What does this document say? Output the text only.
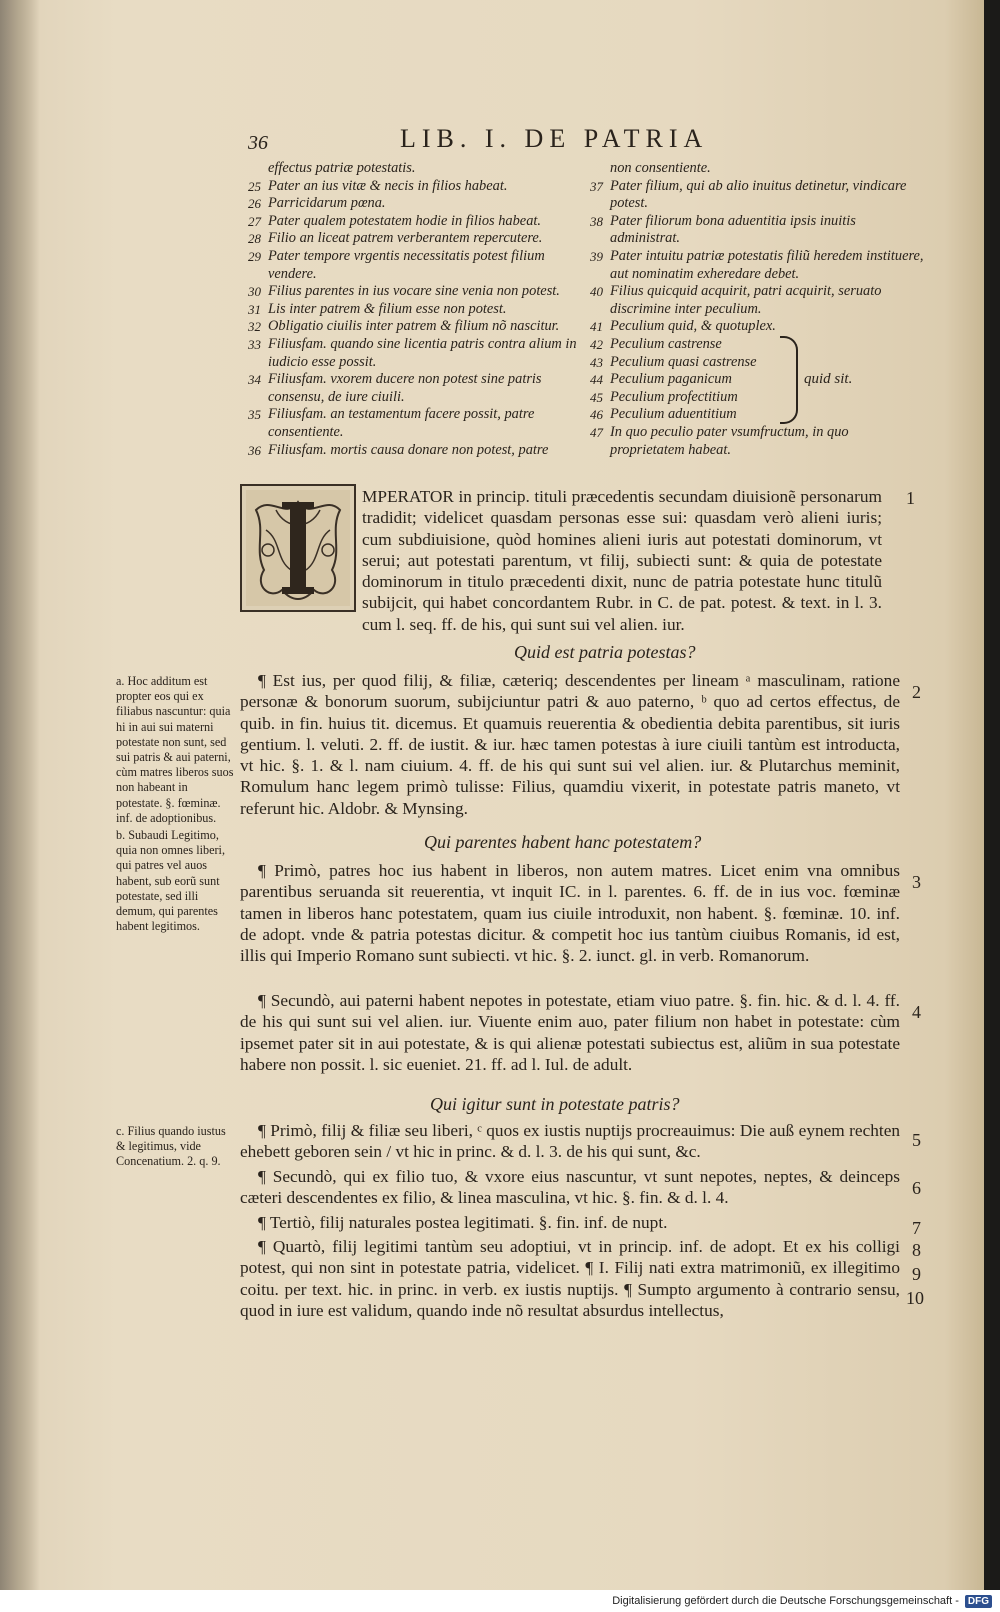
36	LIB. I. DE PATRIA
effectus patriæ potestatis.
25 Pater an ius vitæ & necis in filios habeat.
26 Parricidarum pœna.
27 Pater qualem potestatem hodie in filios habeat.
28 Filio an liceat patrem verberantem repercutere.
29 Pater tempore vrgentis necessitatis potest filium vendere.
30 Filius parentes in ius vocare sine venia non potest.
31 Lis inter patrem & filium esse non potest.
32 Obligatio ciuilis inter patrem & filium nõ nascitur.
33 Filiusfam. quando sine licentia patris contra alium in iudicio esse possit.
34 Filiusfam. vxorem ducere non potest sine patris consensu, de iure ciuili.
35 Filiusfam. an testamentum facere possit, patre consentiente.
36 Filiusfam. mortis causa donare non potest, patre
non consentiente.
37 Pater filium, qui ab alio inuitus detinetur, vindicare potest.
38 Pater filiorum bona aduentitia ipsis inuitis administrat.
39 Pater intuitu patriæ potestatis filiũ heredem instituere, aut nominatim exheredare debet.
40 Filius quicquid acquirit, patri acquirit, seruato discrimine inter peculium.
41 Peculium quid, & quotuplex.
42 Peculium castrense
43 Peculium quasi castrense
44 Peculium paganicum
45 Peculium profectitium
46 Peculium aduentitium
quid sit.
47 In quo peculio pater vsumfructum, in quo proprietatem habeat.
MPERATOR in princip. tituli præcedentis secundam diuisionẽ personarum tradidit; videlicet quasdam personas esse sui: quasdam verò alieni iuris; cum subdiuisione, quòd homines alieni iuris aut potestati dominorum, vt serui; aut potestati parentum, vt filij, subiecti sunt: & quia de potestate dominorum in titulo præcedenti dixit, nunc de patria potestate hunc titulũ subijcit, qui habet concordantem Rubr. in C. de pat. potest. & text. in l. 3. cum l. seq. ff. de his, qui sunt sui vel alien. iur.
1
Quid est patria potestas?
¶ Est ius, per quod filij, & filiæ, cæteriq; descendentes per lineam ᵃ masculinam, ratione personæ & bonorum suorum, subijciuntur patri & auo paterno, ᵇ quo ad certos effectus, de quib. in fin. huius tit. dicemus. Et quamuis reuerentia & obedientia debita parentibus, sit iuris gentium. l. veluti. 2. ff. de iustit. & iur. hæc tamen potestas à iure ciuili tantùm est introducta, vt hic. §. 1. & l. nam ciuium. 4. ff. de his qui sunt sui vel alien. iur. & Plutarchus meminit, Romulum hanc legem primò tulisse: Filius, quamdiu vixerit, in potestate patris maneto, vt referunt hic. Aldobr. & Mynsing.
2
a. Hoc additum est propter eos qui ex filiabus nascuntur: quia hi in aui sui materni potestate non sunt, sed sui patris & aui paterni, cùm matres liberos suos non habeant in potestate. §. fœminæ. inf. de adoptionibus.
b. Subaudi Legitimo, quia non omnes liberi, qui patres vel auos habent, sub eorũ sunt potestate, sed illi demum, qui parentes habent legitimos.
Qui parentes habent hanc potestatem?
¶ Primò, patres hoc ius habent in liberos, non autem matres. Licet enim vna omnibus parentibus seruanda sit reuerentia, vt inquit IC. in l. parentes. 6. ff. de in ius voc. fœminæ tamen in liberos hanc potestatem, quam ius ciuile introduxit, non habent. §. fœminæ. 10. inf. de adopt. vnde & patria potestas dicitur. & competit hoc ius tantùm ciuibus Romanis, id est, illis qui Imperio Romano sunt subiecti. vt hic. §. 2. iunct. gl. in verb. Romanorum.
3
¶ Secundò, aui paterni habent nepotes in potestate, etiam viuo patre. §. fin. hic. & d. l. 4. ff. de his qui sunt sui vel alien. iur. Viuente enim auo, pater filium non habet in potestate: cùm ipsemet pater sit in aui potestate, & is qui alienæ potestati subiectus est, aliũm in sua potestate habere non possit. l. sic eueniet. 21. ff. ad l. Iul. de adult.
4
Qui igitur sunt in potestate patris?
c. Filius quando iustus & legitimus, vide Concenatium. 2. q. 9.
¶ Primò, filij & filiæ seu liberi, ᶜ quos ex iustis nuptijs procreauimus: Die auß eynem rechten ehebett geboren sein / vt hic in princ. & d. l. 3. de his qui sunt, &c.
5
¶ Secundò, qui ex filio tuo, & vxore eius nascuntur, vt sunt nepotes, neptes, & deinceps cæteri descendentes ex filio, & linea masculina, vt hic. §. fin. & d. l. 4.	6
¶ Tertiò, filij naturales postea legitimati. §. fin. inf. de nupt.	7
¶ Quartò, filij legitimi tantùm seu adoptiui, vt in princip. inf. de adopt. Et ex his colligi potest, qui non sint in potestate patria, videlicet. ¶ I. Filij nati extra matrimoniũ, ex illegitimo coitu. per text. hic. in princ. in verb. ex iustis nuptijs. ¶ Sumpto argumento à contrario sensu, quod in iure est validum, quando inde nõ resultat absurdus intellectus,
8
9
10
Digitalisierung gefördert durch die Deutsche Forschungsgemeinschaft - DFG
